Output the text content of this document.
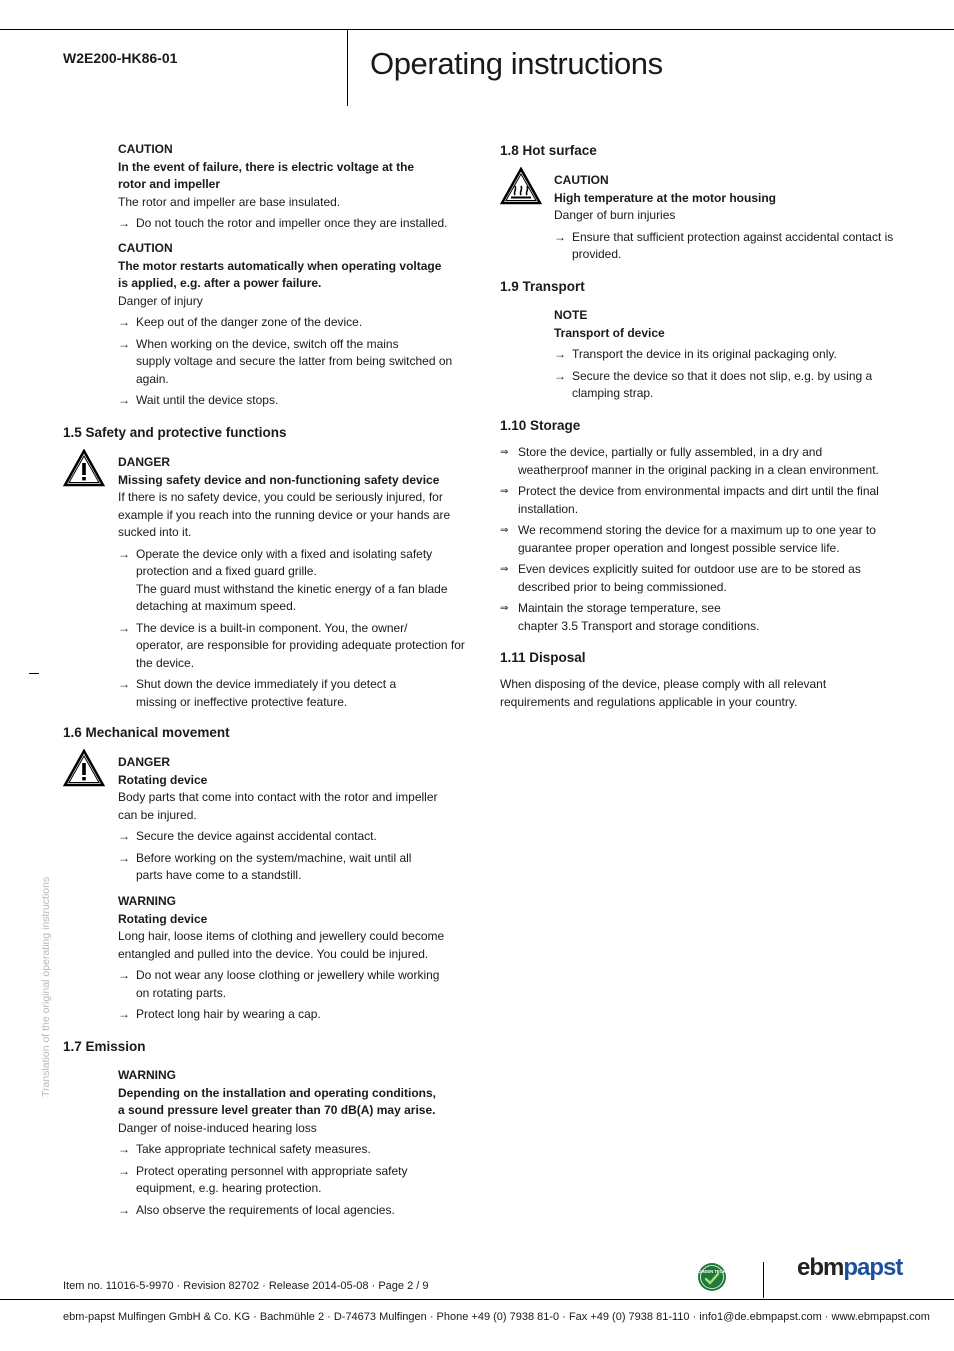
W2E200-HK86-01	Operating instructions
Translation of the original operating instructions
CAUTION
In the event of failure, there is electric voltage at the
rotor and impeller
The rotor and impeller are base insulated.
→ Do not touch the rotor and impeller once they are installed.
CAUTION
The motor restarts automatically when operating voltage
is applied, e.g. after a power failure.
Danger of injury
→ Keep out of the danger zone of the device.
→ When working on the device, switch off the mains
supply voltage and secure the latter from being switched on
again.
→ Wait until the device stops.
1.5 Safety and protective functions
DANGER
Missing safety device and non-functioning safety device
If there is no safety device, you could be seriously injured, for
example if you reach into the running device or your hands are
sucked into it.
→ Operate the device only with a fixed and isolating safety
protection and a fixed guard grille.
The guard must withstand the kinetic energy of a fan blade
detaching at maximum speed.
→ The device is a built-in component. You, the owner/
operator, are responsible for providing adequate protection for
the device.
→ Shut down the device immediately if you detect a
missing or ineffective protective feature.
1.6 Mechanical movement
DANGER
Rotating device
Body parts that come into contact with the rotor and impeller
can be injured.
→ Secure the device against accidental contact.
→ Before working on the system/machine, wait until all
parts have come to a standstill.
WARNING
Rotating device
Long hair, loose items of clothing and jewellery could become
entangled and pulled into the device. You could be injured.
→ Do not wear any loose clothing or jewellery while working
on rotating parts.
→ Protect long hair by wearing a cap.
1.7 Emission
WARNING
Depending on the installation and operating conditions,
a sound pressure level greater than 70 dB(A) may arise.
Danger of noise-induced hearing loss
→ Take appropriate technical safety measures.
→ Protect operating personnel with appropriate safety
equipment, e.g. hearing protection.
→ Also observe the requirements of local agencies.
1.8 Hot surface
CAUTION
High temperature at the motor housing
Danger of burn injuries
→ Ensure that sufficient protection against accidental contact is
provided.
1.9 Transport
NOTE
Transport of device
→ Transport the device in its original packaging only.
→ Secure the device so that it does not slip, e.g. by using a
clamping strap.
1.10 Storage
⇒ Store the device, partially or fully assembled, in a dry and
weatherproof manner in the original packing in a clean environment.
⇒ Protect the device from environmental impacts and dirt until the final
installation.
⇒ We recommend storing the device for a maximum up to one year to
guarantee proper operation and longest possible service life.
⇒ Even devices explicitly suited for outdoor use are to be stored as
described prior to being commissioned.
⇒ Maintain the storage temperature, see
chapter 3.5 Transport and storage conditions.
1.11 Disposal
When disposing of the device, please comply with all relevant
requirements and regulations applicable in your country.
Item no. 11016-5-9970 · Revision 82702 · Release 2014-05-08 · Page 2 / 9
GREEN TECH	ebmpapst
ebm-papst Mulfingen GmbH & Co. KG · Bachmühle 2 · D-74673 Mulfingen · Phone +49 (0) 7938 81-0 · Fax +49 (0) 7938 81-110 · info1@de.ebmpapst.com · www.ebmpapst.com
